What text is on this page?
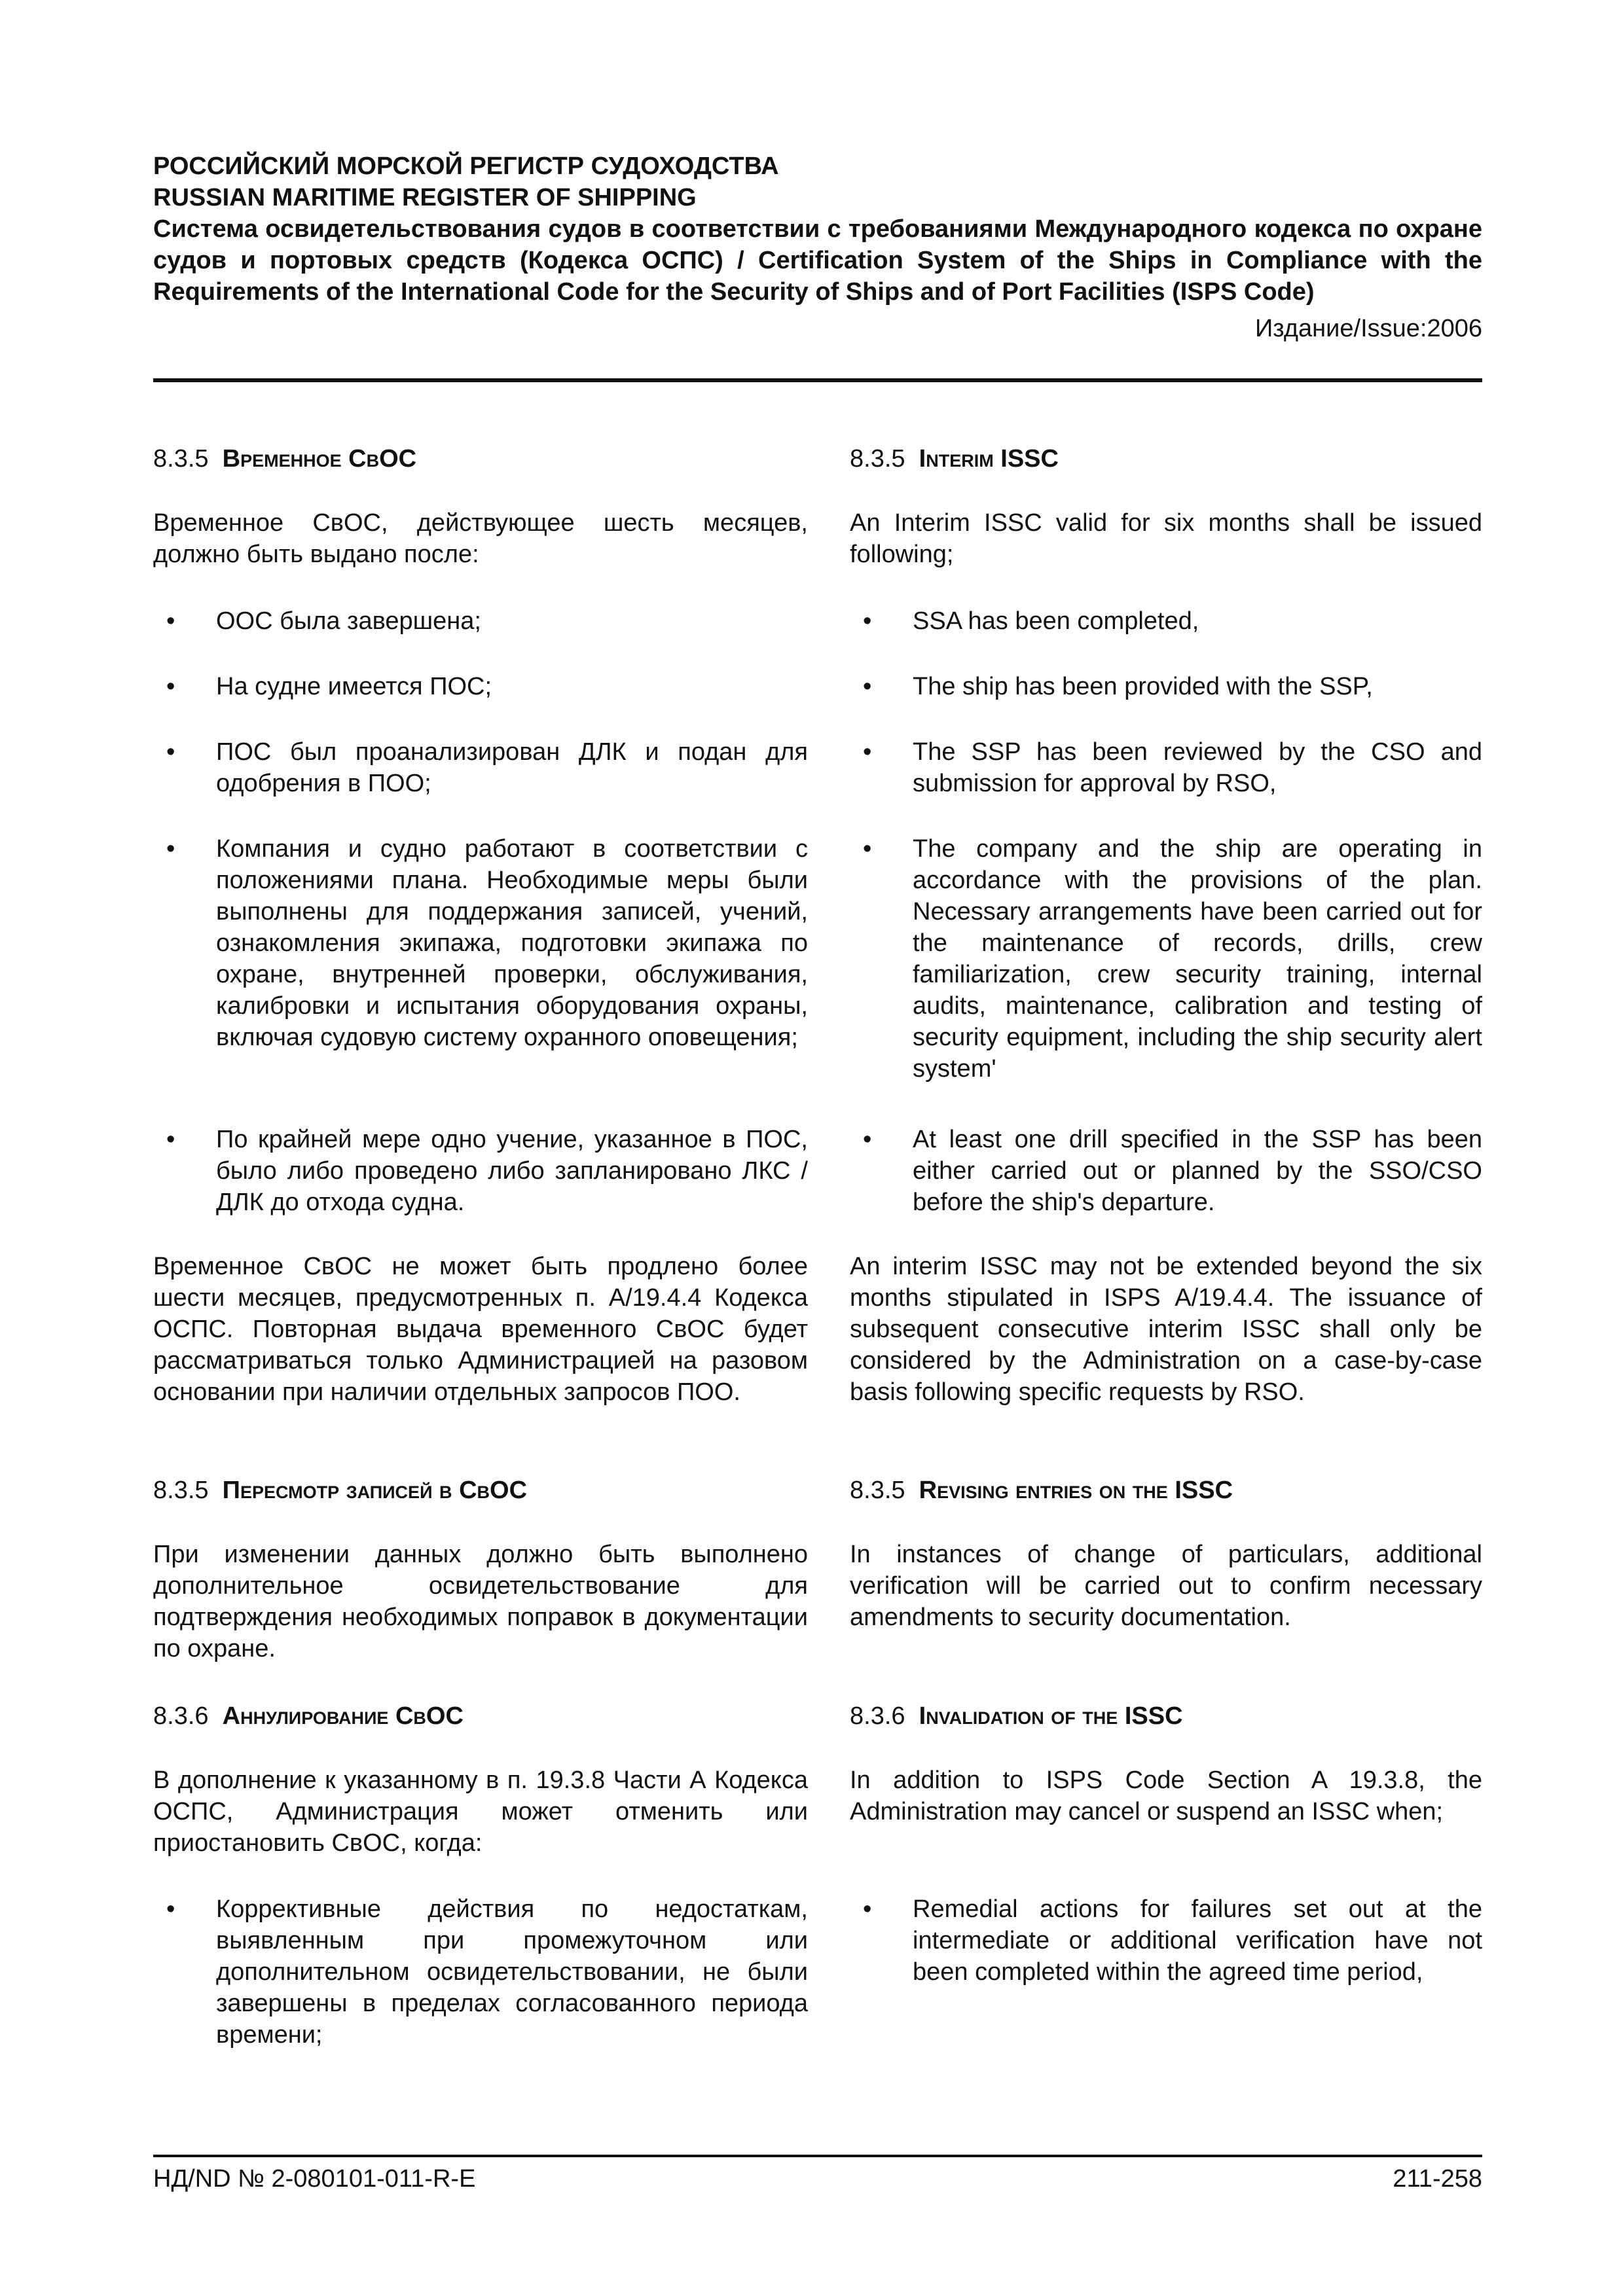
РОССИЙСКИЙ МОРСКОЙ РЕГИСТР СУДОХОДСТВА

RUSSIAN MARITIME REGISTER OF SHIPPING

Система освидетельствования судов в соответствии с требованиями Международного кодекса по охране судов и портовых средств (Кодекса ОСПС) / Certification System of the Ships in Compliance with the Requirements of the International Code for the Security of Ships and of Port Facilities (ISPS Code)

Издание/Issue:2006

8.3.5 Временное СвОС

Временное СвОС, действующее шесть месяцев, должно быть выдано после:

• ООС была завершена;
• На судне имеется ПОС;
• ПОС был проанализирован ДЛК и подан для одобрения в ПОО;
• Компания и судно работают в соответствии с положениями плана. Необходимые меры были выполнены для поддержания записей, учений, ознакомления экипажа, подготовки экипажа по охране, внутренней проверки, обслуживания, калибровки и испытания оборудования охраны, включая судовую систему охранного оповещения;
• По крайней мере одно учение, указанное в ПОС, было либо проведено либо запланировано ЛКС / ДЛК до отхода судна.

Временное СвОС не может быть продлено более шести месяцев, предусмотренных п. А/19.4.4 Кодекса ОСПС. Повторная выдача временного СвОС будет рассматриваться только Администрацией на разовом основании при наличии отдельных запросов ПОО.

8.3.5 Пересмотр записей в СвОС

При изменении данных должно быть выполнено дополнительное освидетельствование для подтверждения необходимых поправок в документации по охране.

8.3.6 Аннулирование СвОС

В дополнение к указанному в п. 19.3.8 Части А Кодекса ОСПС, Администрация может отменить или приостановить СвОС, когда:

• Коррективные действия по недостаткам, выявленным при промежуточном или дополнительном освидетельствовании, не были завершены в пределах согласованного периода времени;

8.3.5 Interim ISSC

An Interim ISSC valid for six months shall be issued following;

• SSA has been completed,
• The ship has been provided with the SSP,
• The SSP has been reviewed by the CSO and submission for approval by RSO,
• The company and the ship are operating in accordance with the provisions of the plan. Necessary arrangements have been carried out for the maintenance of records, drills, crew familiarization, crew security training, internal audits, maintenance, calibration and testing of security equipment, including the ship security alert system'
• At least one drill specified in the SSP has been either carried out or planned by the SSO/CSO before the ship's departure.

An interim ISSC may not be extended beyond the six months stipulated in ISPS A/19.4.4. The issuance of subsequent consecutive interim ISSC shall only be considered by the Administration on a case-by-case basis following specific requests by RSO.

8.3.5 Revising entries on the ISSC

In instances of change of particulars, additional verification will be carried out to confirm necessary amendments to security documentation.

8.3.6 Invalidation of the ISSC

In addition to ISPS Code Section A 19.3.8, the Administration may cancel or suspend an ISSC when;

• Remedial actions for failures set out at the intermediate or additional verification have not been completed within the agreed time period,
НД/ND № 2-080101-011-R-E	211-258
